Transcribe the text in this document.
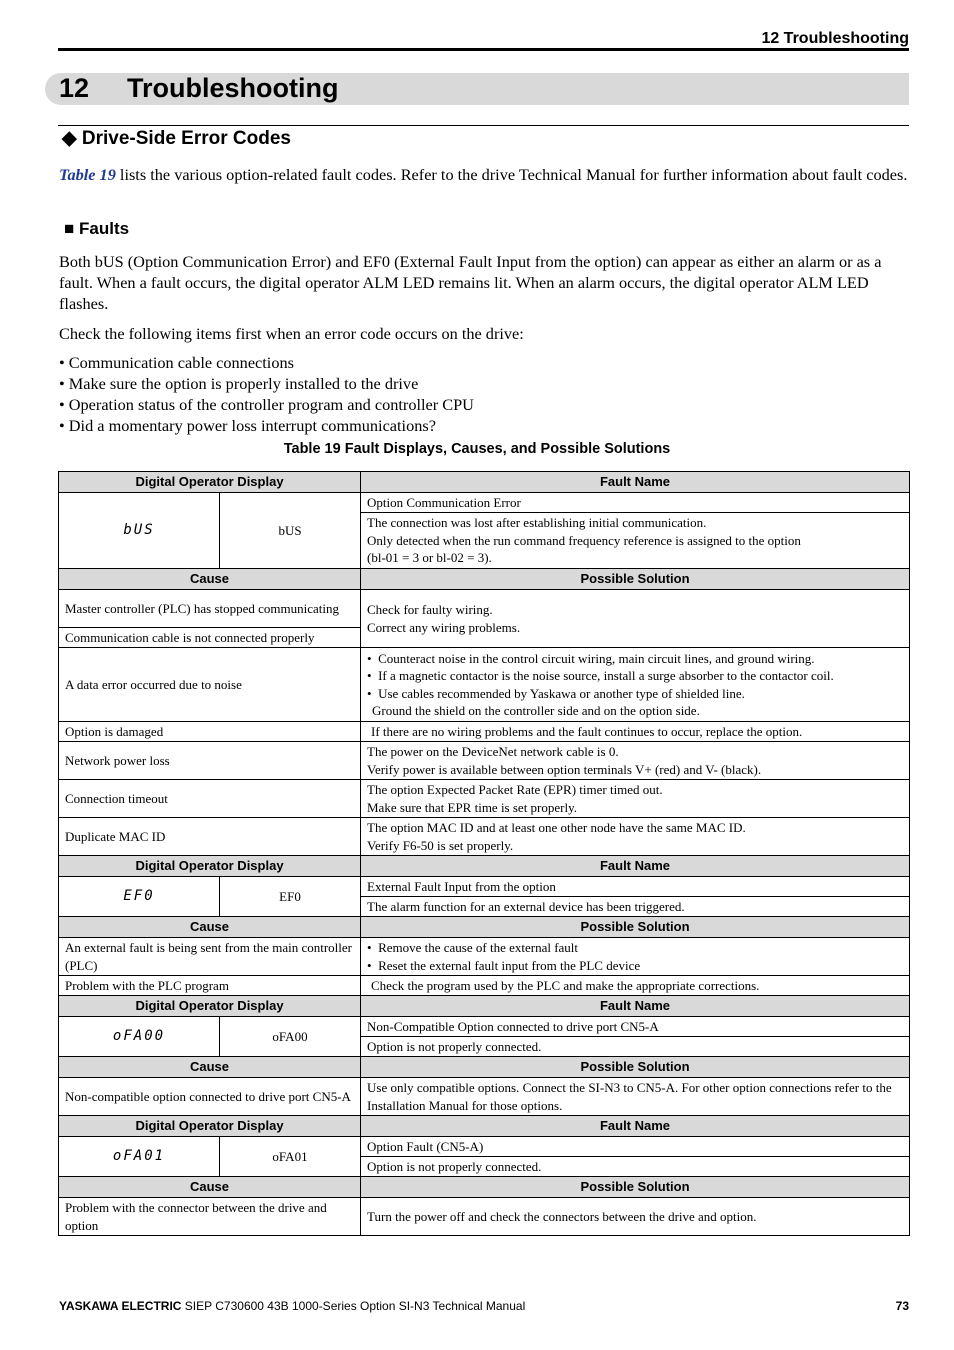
12 Troubleshooting
12 Troubleshooting
◆ Drive-Side Error Codes
Table 19 lists the various option-related fault codes. Refer to the drive Technical Manual for further information about fault codes.
■ Faults
Both bUS (Option Communication Error) and EF0 (External Fault Input from the option) can appear as either an alarm or as a fault. When a fault occurs, the digital operator ALM LED remains lit. When an alarm occurs, the digital operator ALM LED flashes.
Check the following items first when an error code occurs on the drive:
• Communication cable connections
• Make sure the option is properly installed to the drive
• Operation status of the controller program and controller CPU
• Did a momentary power loss interrupt communications?
Table 19 Fault Displays, Causes, and Possible Solutions
Digital Operator Display		Fault Name
bUS	bUS	Option Communication Error

		The connection was lost after establishing initial communication.
Only detected when the run command frequency reference is assigned to the option
(bl-01 = 3 or bl-02 = 3).

Cause		Possible Solution
Master controller (PLC) has stopped communicating		Check for faulty wiring.
Correct any wiring problems.

Communication cable is not connected properly		
A data error occurred due to noise		•  Counteract noise in the control circuit wiring, main circuit lines, and ground wiring.
•  If a magnetic contactor is the noise source, install a surge absorber to the contactor coil.
•  Use cables recommended by Yaskawa or another type of shielded line.
Ground the shield on the controller side and on the option side.

Option is damaged		If there are no wiring problems and the fault continues to occur, replace the option.
Network power loss		The power on the DeviceNet network cable is 0.
Verify power is available between option terminals V+ (red) and V- (black).

Connection timeout		The option Expected Packet Rate (EPR) timer timed out.
Make sure that EPR time is set properly.

Duplicate MAC ID		The option MAC ID and at least one other node have the same MAC ID.
Verify F6-50 is set properly.

Digital Operator Display		Fault Name
EF0	EF0	External Fault Input from the option
		The alarm function for an external device has been triggered.
Cause		Possible Solution
An external fault is being sent from the main controller (PLC)		•  Remove the cause of the external fault
•  Reset the external fault input from the PLC device

Problem with the PLC program		Check the program used by the PLC and make the appropriate corrections.
Digital Operator Display		Fault Name
oFA00	oFA00	Non-Compatible Option connected to drive port CN5-A
		Option is not properly connected.
Cause		Possible Solution
Non-compatible option connected to drive port CN5-A		Use only compatible options. Connect the SI-N3 to CN5-A. For other option connections refer to the Installation Manual for those options.
Digital Operator Display		Fault Name
oFA01	oFA01	Option Fault (CN5-A)
		Option is not properly connected.
Cause		Possible Solution
Problem with the connector between the drive and option		Turn the power off and check the connectors between the drive and option.
YASKAWA ELECTRIC SIEP C730600 43B 1000-Series Option SI-N3 Technical Manual	73
